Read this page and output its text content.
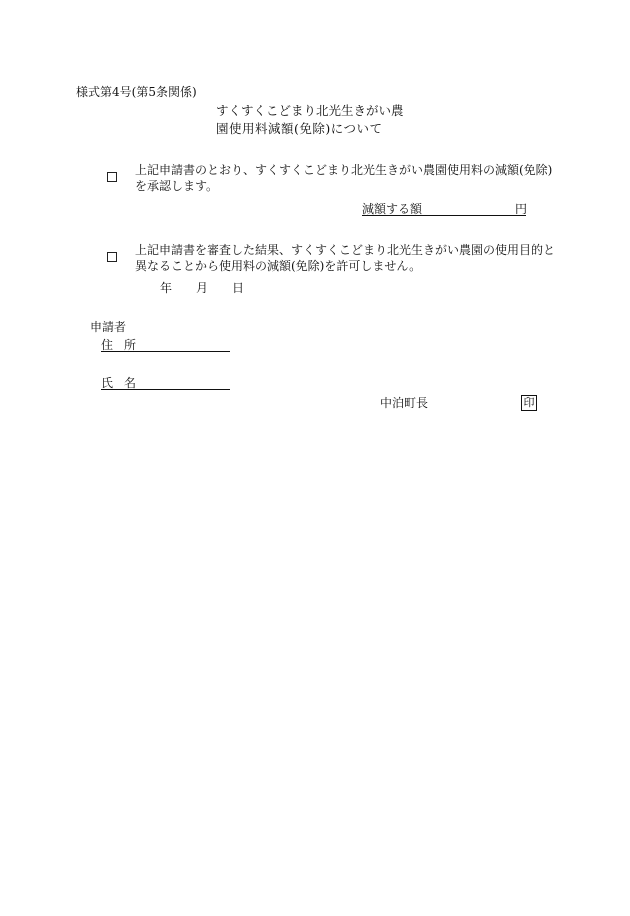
様式第4号(第5条関係)
すくすくこどまり北光生きがい農
園使用料減額(免除)について
上記申請書のとおり、すくすくこどまり北光生きがい農園使用料の減額(免除)
を承認します。
減額する額	円
上記申請書を審査した結果、すくすくこどまり北光生きがい農園の使用目的と
異なることから使用料の減額(免除)を許可しません。
年 月 日
申請者
住 所
氏 名
中泊町長	印
